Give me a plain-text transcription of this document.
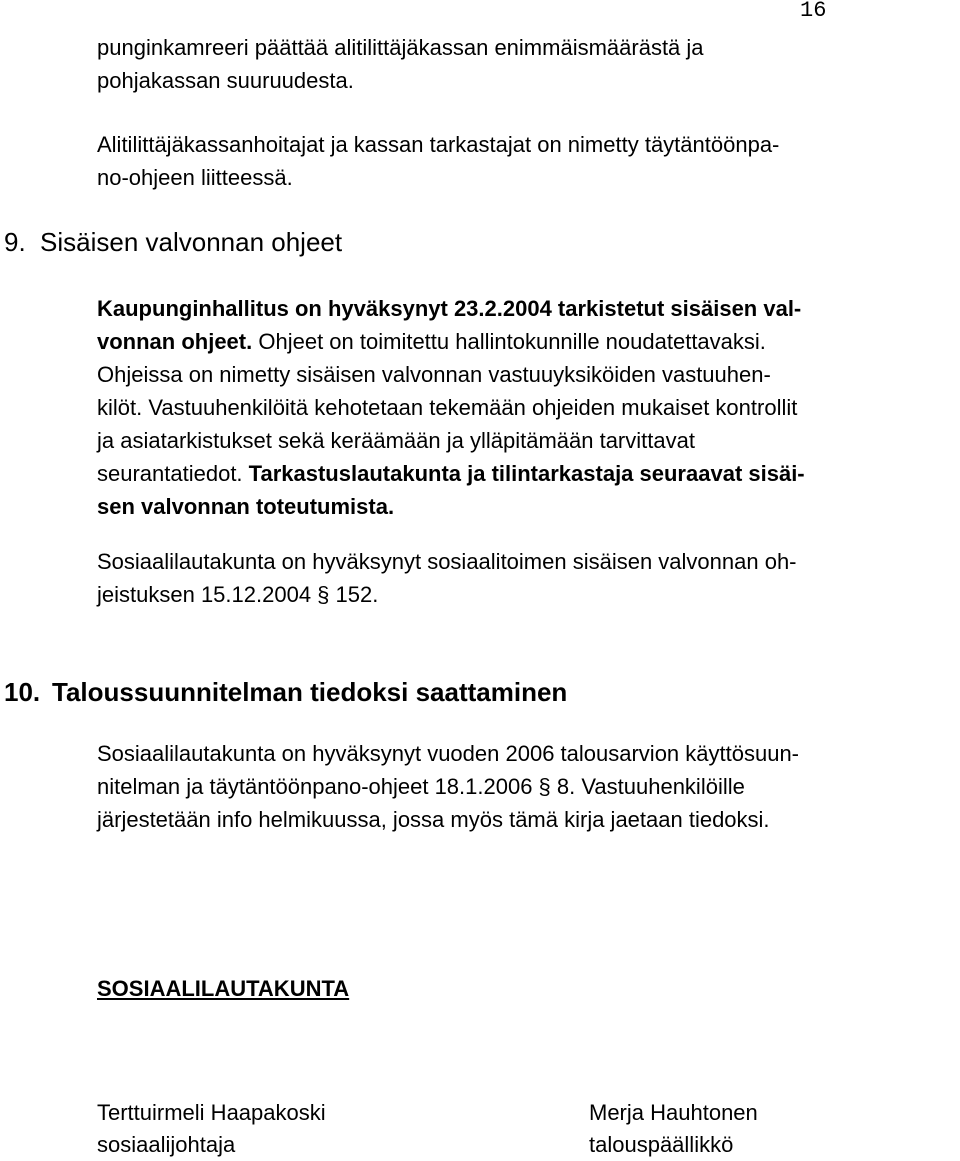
16
punginkamreeri päättää alitilittäjäkassan enimmäismäärästä ja
pohjakassan suuruudesta.
Alitilittäjäkassanhoitajat ja kassan tarkastajat on nimetty täytäntöönpa-
no-ohjeen liitteessä.
9. Sisäisen valvonnan ohjeet
Kaupunginhallitus on hyväksynyt 23.2.2004 tarkistetut sisäisen val-
vonnan ohjeet. Ohjeet on toimitettu hallintokunnille noudatettavaksi.
Ohjeissa on nimetty sisäisen valvonnan vastuuyksiköiden vastuuhen-
kilöt. Vastuuhenkilöitä kehotetaan tekemään ohjeiden mukaiset kontrollit
ja asiatarkistukset sekä keräämään ja ylläpitämään tarvittavat
seurantatiedot. Tarkastuslautakunta ja tilintarkastaja seuraavat sisäi-
sen valvonnan toteutumista.
Sosiaalilautakunta on hyväksynyt sosiaalitoimen sisäisen valvonnan oh-
jeistuksen 15.12.2004 § 152.
10. Taloussuunnitelman tiedoksi saattaminen
Sosiaalilautakunta on hyväksynyt vuoden 2006 talousarvion käyttösuun-
nitelman ja täytäntöönpano-ohjeet 18.1.2006 § 8. Vastuuhenkilöille
järjestetään info helmikuussa, jossa myös tämä kirja jaetaan tiedoksi.
SOSIAALILAUTAKUNTA
Terttuirmeli Haapakoski
sosiaalijohtaja
Merja Hauhtonen
talouspäällikkö
